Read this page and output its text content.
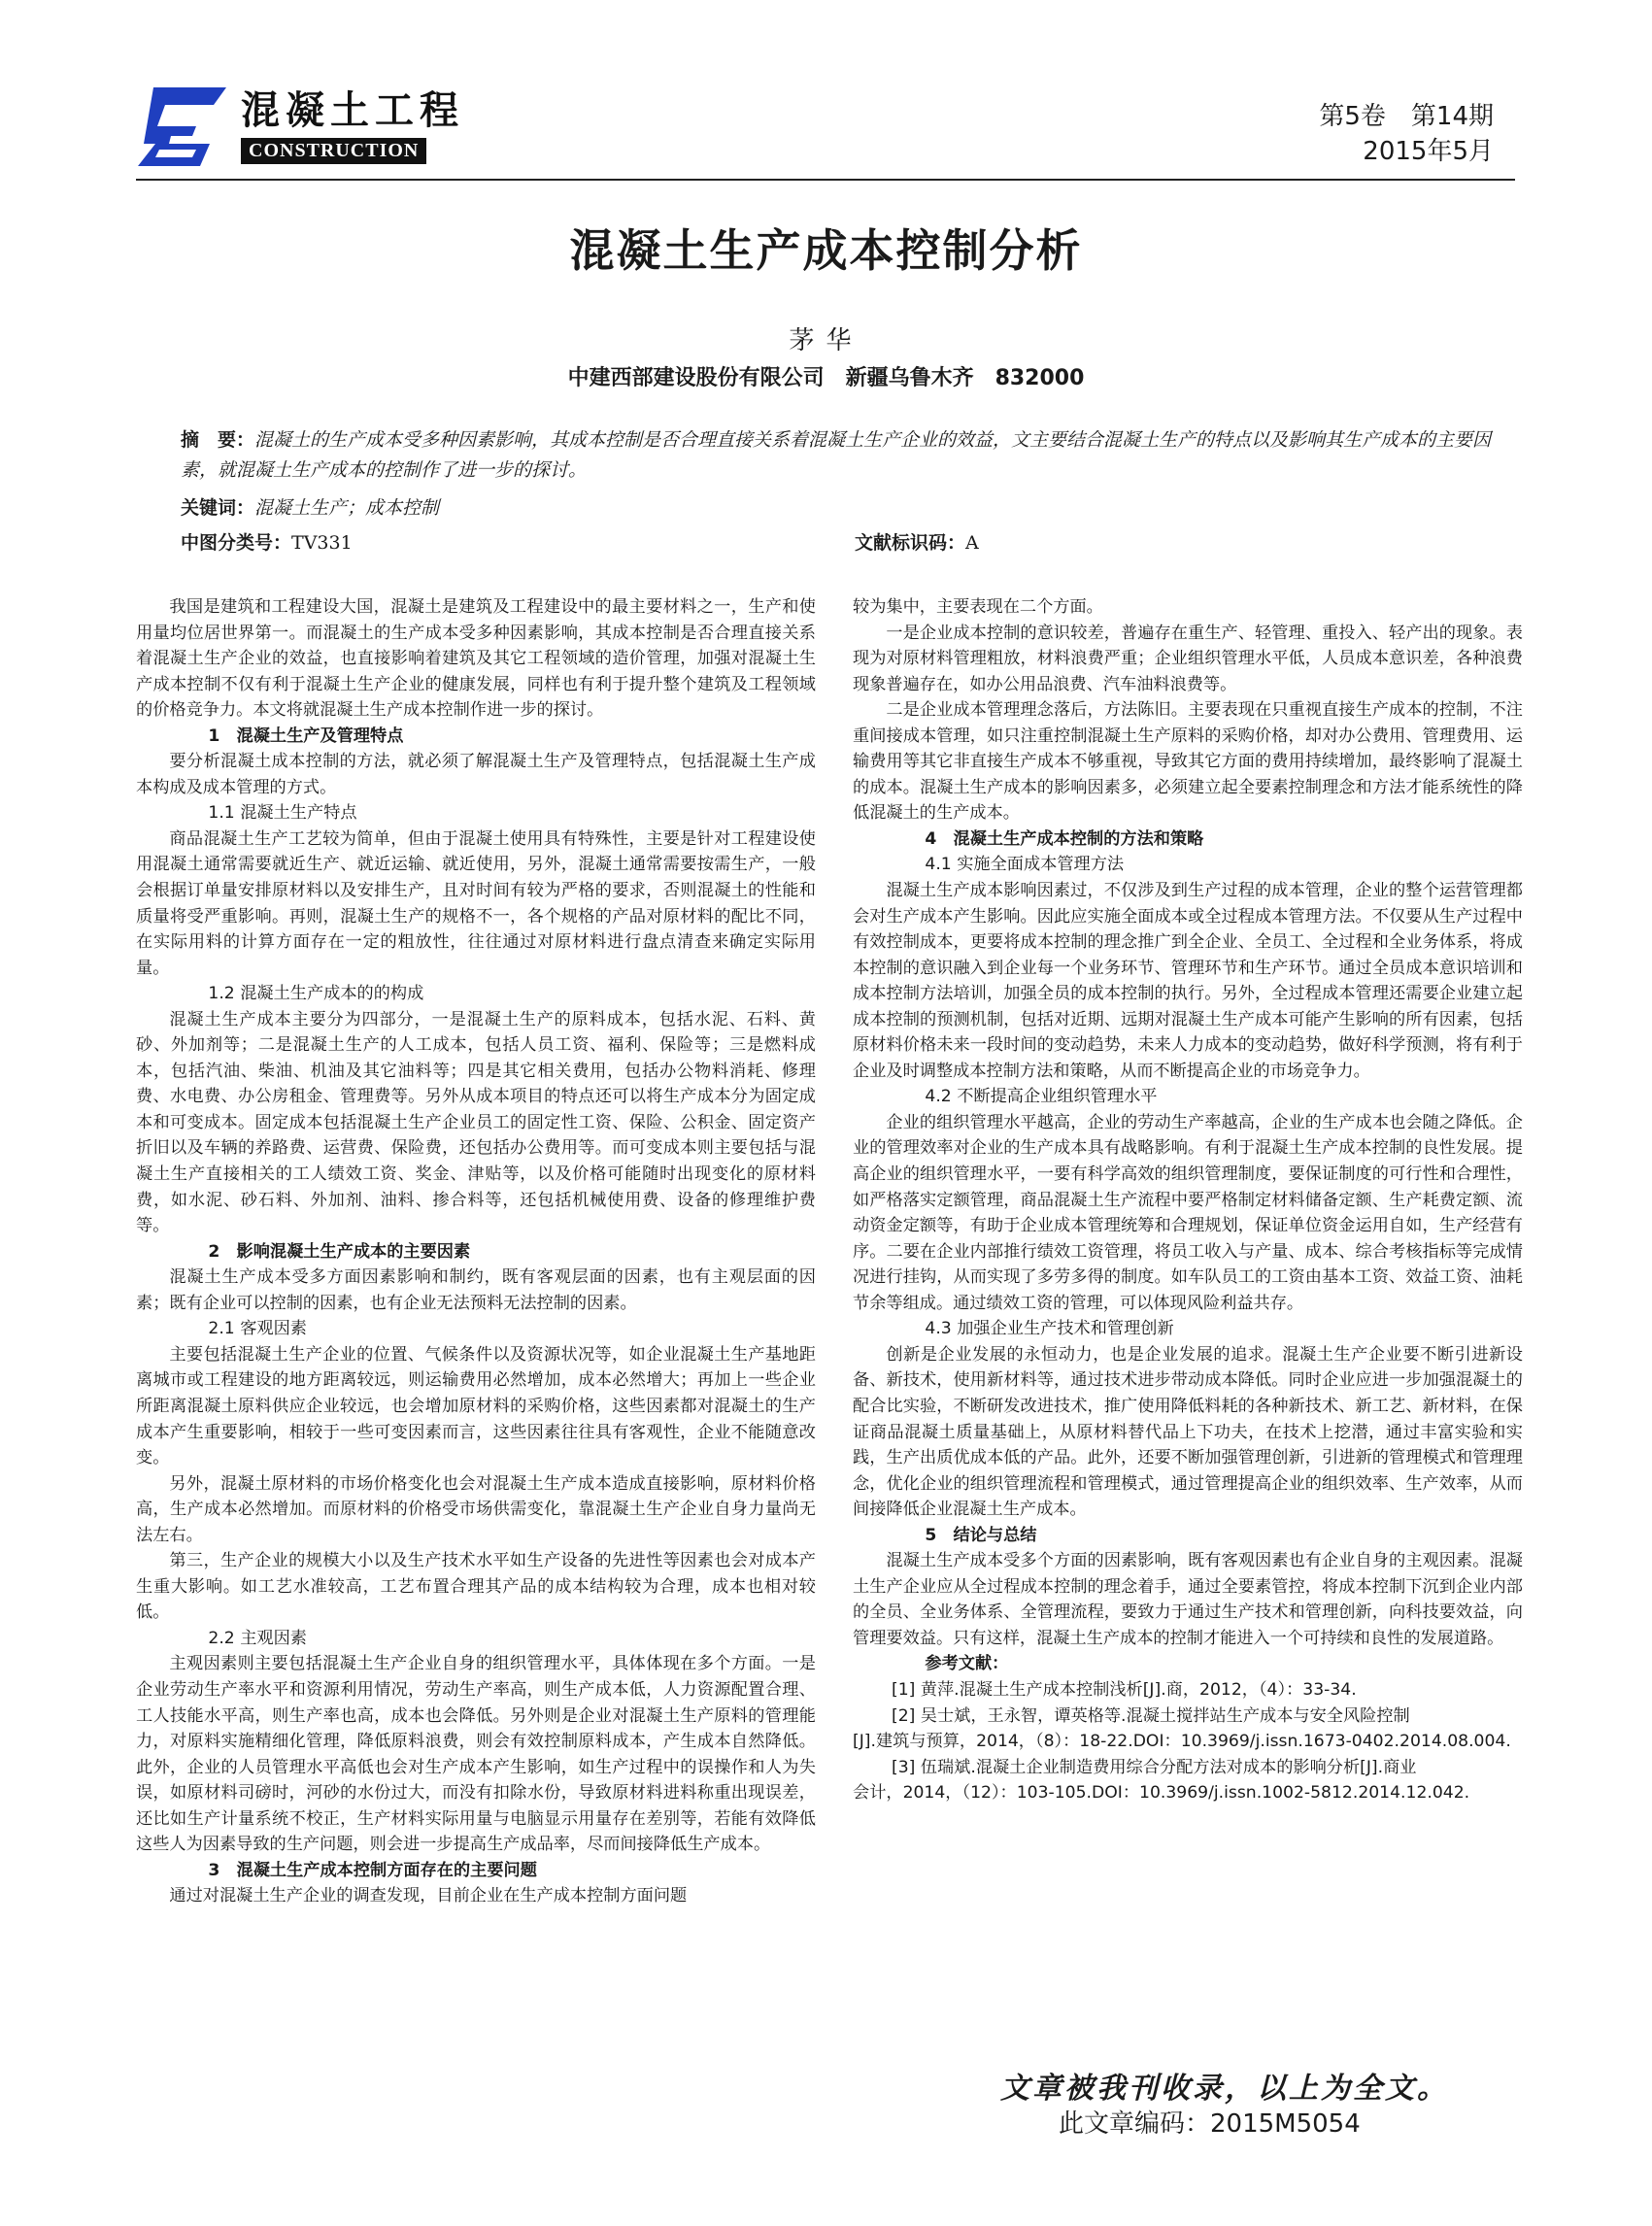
混凝土工程
CONSTRUCTION
第5卷　第14期
2015年5月
混凝土生产成本控制分析
茅华
中建西部建设股份有限公司　新疆乌鲁木齐　832000
摘　要：混凝土的生产成本受多种因素影响，其成本控制是否合理直接关系着混凝土生产企业的效益，文主要结合混凝土生产的特点以及影响其生产成本的主要因素，就混凝土生产成本的控制作了进一步的探讨。
关键词：混凝土生产；成本控制
中图分类号：TV331	文献标识码：A

我国是建筑和工程建设大国，混凝土是建筑及工程建设中的最主要材料之一，生产和使用量均位居世界第一。而混凝土的生产成本受多种因素影响，其成本控制是否合理直接关系着混凝土生产企业的效益，也直接影响着建筑及其它工程领域的造价管理，加强对混凝土生产成本控制不仅有利于混凝土生产企业的健康发展，同样也有利于提升整个建筑及工程领域的价格竞争力。本文将就混凝土生产成本控制作进一步的探讨。

1　混凝土生产及管理特点

要分析混凝土成本控制的方法，就必须了解混凝土生产及管理特点，包括混凝土生产成本构成及成本管理的方式。

1.1 混凝土生产特点

商品混凝土生产工艺较为简单，但由于混凝土使用具有特殊性，主要是针对工程建设使用混凝土通常需要就近生产、就近运输、就近使用，另外，混凝土通常需要按需生产，一般会根据订单量安排原材料以及安排生产，且对时间有较为严格的要求，否则混凝土的性能和质量将受严重影响。再则，混凝土生产的规格不一，各个规格的产品对原材料的配比不同，在实际用料的计算方面存在一定的粗放性，往往通过对原材料进行盘点清查来确定实际用量。

1.2 混凝土生产成本的的构成

混凝土生产成本主要分为四部分，一是混凝土生产的原料成本，包括水泥、石料、黄砂、外加剂等；二是混凝土生产的人工成本，包括人员工资、福利、保险等；三是燃料成本，包括汽油、柴油、机油及其它油料等；四是其它相关费用，包括办公物料消耗、修理费、水电费、办公房租金、管理费等。另外从成本项目的特点还可以将生产成本分为固定成本和可变成本。固定成本包括混凝土生产企业员工的固定性工资、保险、公积金、固定资产折旧以及车辆的养路费、运营费、保险费，还包括办公费用等。而可变成本则主要包括与混凝土生产直接相关的工人绩效工资、奖金、津贴等，以及价格可能随时出现变化的原材料费，如水泥、砂石料、外加剂、油料、掺合料等，还包括机械使用费、设备的修理维护费等。

2　影响混凝土生产成本的主要因素

混凝土生产成本受多方面因素影响和制约，既有客观层面的因素，也有主观层面的因素；既有企业可以控制的因素，也有企业无法预料无法控制的因素。

2.1 客观因素

主要包括混凝土生产企业的位置、气候条件以及资源状况等，如企业混凝土生产基地距离城市或工程建设的地方距离较远，则运输费用必然增加，成本必然增大；再加上一些企业所距离混凝土原料供应企业较远，也会增加原材料的采购价格，这些因素都对混凝土的生产成本产生重要影响，相较于一些可变因素而言，这些因素往往具有客观性，企业不能随意改变。

另外，混凝土原材料的市场价格变化也会对混凝土生产成本造成直接影响，原材料价格高，生产成本必然增加。而原材料的价格受市场供需变化，靠混凝土生产企业自身力量尚无法左右。

第三，生产企业的规模大小以及生产技术水平如生产设备的先进性等因素也会对成本产生重大影响。如工艺水准较高，工艺布置合理其产品的成本结构较为合理，成本也相对较低。

2.2 主观因素

主观因素则主要包括混凝土生产企业自身的组织管理水平，具体体现在多个方面。一是企业劳动生产率水平和资源利用情况，劳动生产率高，则生产成本低，人力资源配置合理、工人技能水平高，则生产率也高，成本也会降低。另外则是企业对混凝土生产原料的管理能力，对原料实施精细化管理，降低原料浪费，则会有效控制原料成本，产生成本自然降低。此外，企业的人员管理水平高低也会对生产成本产生影响，如生产过程中的误操作和人为失误，如原材料司磅时，河砂的水份过大，而没有扣除水份，导致原材料进料称重出现误差，还比如生产计量系统不校正，生产材料实际用量与电脑显示用量存在差别等，若能有效降低这些人为因素导致的生产问题，则会进一步提高生产成品率，尽而间接降低生产成本。

3　混凝土生产成本控制方面存在的主要问题

通过对混凝土生产企业的调查发现，目前企业在生产成本控制方面问题

较为集中，主要表现在二个方面。

一是企业成本控制的意识较差，普遍存在重生产、轻管理、重投入、轻产出的现象。表现为对原材料管理粗放，材料浪费严重；企业组织管理水平低，人员成本意识差，各种浪费现象普遍存在，如办公用品浪费、汽车油料浪费等。

二是企业成本管理理念落后，方法陈旧。主要表现在只重视直接生产成本的控制，不注重间接成本管理，如只注重控制混凝土生产原料的采购价格，却对办公费用、管理费用、运输费用等其它非直接生产成本不够重视，导致其它方面的费用持续增加，最终影响了混凝土的成本。混凝土生产成本的影响因素多，必须建立起全要素控制理念和方法才能系统性的降低混凝土的生产成本。

4　混凝土生产成本控制的方法和策略

4.1 实施全面成本管理方法

混凝土生产成本影响因素过，不仅涉及到生产过程的成本管理，企业的整个运营管理都会对生产成本产生影响。因此应实施全面成本或全过程成本管理方法。不仅要从生产过程中有效控制成本，更要将成本控制的理念推广到全企业、全员工、全过程和全业务体系，将成本控制的意识融入到企业每一个业务环节、管理环节和生产环节。通过全员成本意识培训和成本控制方法培训，加强全员的成本控制的执行。另外，全过程成本管理还需要企业建立起成本控制的预测机制，包括对近期、远期对混凝土生产成本可能产生影响的所有因素，包括原材料价格未来一段时间的变动趋势，未来人力成本的变动趋势，做好科学预测，将有利于企业及时调整成本控制方法和策略，从而不断提高企业的市场竞争力。

4.2 不断提高企业组织管理水平

企业的组织管理水平越高，企业的劳动生产率越高，企业的生产成本也会随之降低。企业的管理效率对企业的生产成本具有战略影响。有利于混凝土生产成本控制的良性发展。提高企业的组织管理水平，一要有科学高效的组织管理制度，要保证制度的可行性和合理性，如严格落实定额管理，商品混凝土生产流程中要严格制定材料储备定额、生产耗费定额、流动资金定额等，有助于企业成本管理统筹和合理规划，保证单位资金运用自如，生产经营有序。二要在企业内部推行绩效工资管理，将员工收入与产量、成本、综合考核指标等完成情况进行挂钩，从而实现了多劳多得的制度。如车队员工的工资由基本工资、效益工资、油耗节余等组成。通过绩效工资的管理，可以体现风险利益共存。

4.3 加强企业生产技术和管理创新

创新是企业发展的永恒动力，也是企业发展的追求。混凝土生产企业要不断引进新设备、新技术，使用新材料等，通过技术进步带动成本降低。同时企业应进一步加强混凝土的配合比实验，不断研发改进技术，推广使用降低料耗的各种新技术、新工艺、新材料，在保证商品混凝土质量基础上，从原材料替代品上下功夫，在技术上挖潜，通过丰富实验和实践，生产出质优成本低的产品。此外，还要不断加强管理创新，引进新的管理模式和管理理念，优化企业的组织管理流程和管理模式，通过管理提高企业的组织效率、生产效率，从而间接降低企业混凝土生产成本。

5　结论与总结

混凝土生产成本受多个方面的因素影响，既有客观因素也有企业自身的主观因素。混凝土生产企业应从全过程成本控制的理念着手，通过全要素管控，将成本控制下沉到企业内部的全员、全业务体系、全管理流程，要致力于通过生产技术和管理创新，向科技要效益，向管理要效益。只有这样，混凝土生产成本的控制才能进入一个可持续和良性的发展道路。

参考文献：

[1] 黄萍.混凝土生产成本控制浅析[J].商，2012，（4）：33-34.

[2] 吴士斌，王永智，谭英格等.混凝土搅拌站生产成本与安全风险控制

[J].建筑与预算，2014，（8）：18-22.DOI：10.3969/j.issn.1673-0402.2014.08.004.

[3] 伍瑞斌.混凝土企业制造费用综合分配方法对成本的影响分析[J].商业

会计，2014，（12）：103-105.DOI：10.3969/j.issn.1002-5812.2014.12.042.

文章被我刊收录，以上为全文。
此文章编码：2015M5054
